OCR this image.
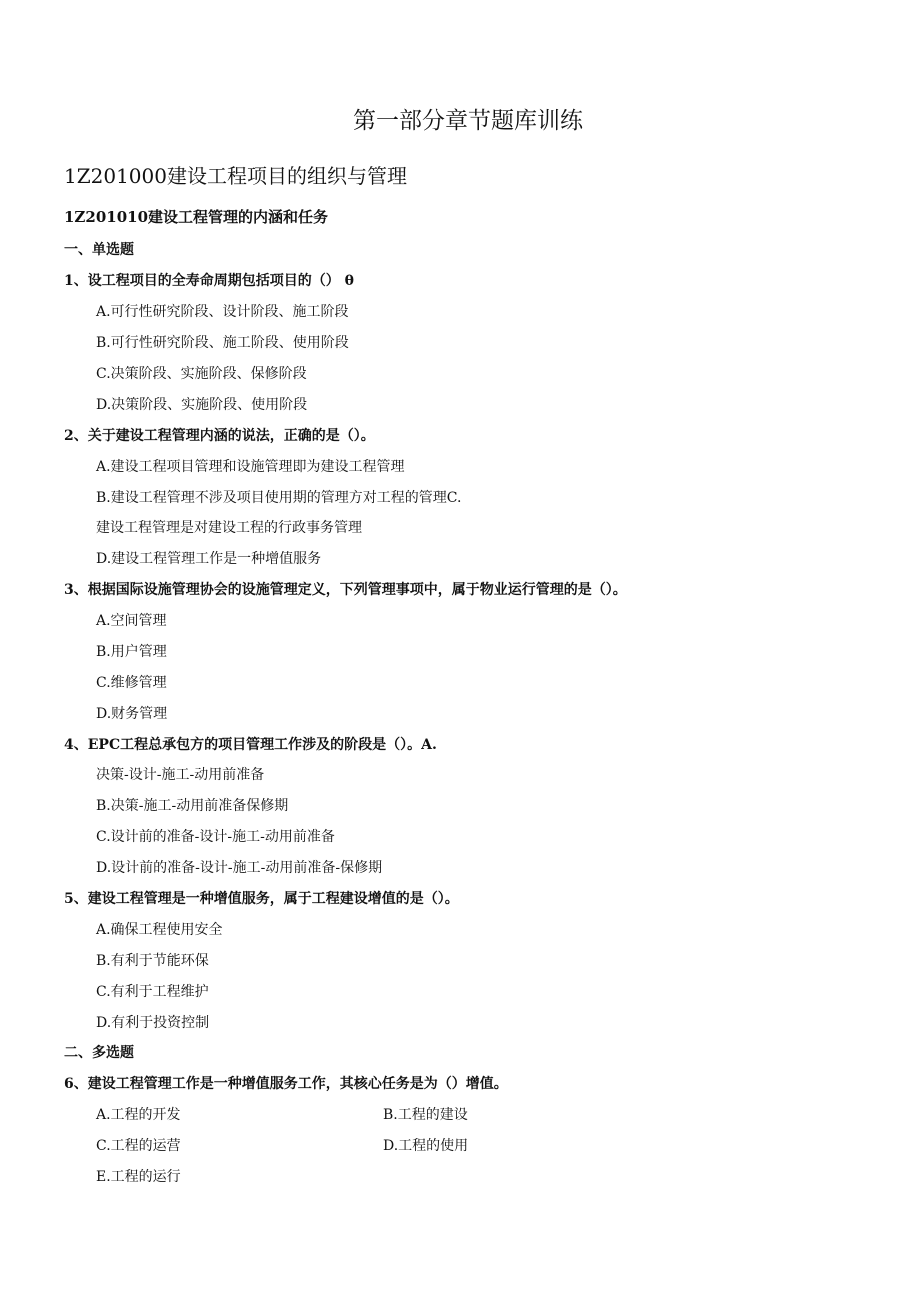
第一部分章节题库训练
1Z201000建设工程项目的组织与管理
1Z201010建设工程管理的内涵和任务
一、单选题
1、设工程项目的全寿命周期包括项目的（） θ
A.可行性研究阶段、设计阶段、施工阶段
B.可行性研究阶段、施工阶段、使用阶段
C.决策阶段、实施阶段、保修阶段
D.决策阶段、实施阶段、使用阶段
2、关于建设工程管理内涵的说法，正确的是（）。
A.建设工程项目管理和设施管理即为建设工程管理
B.建设工程管理不涉及项目使用期的管理方对工程的管理C.
建设工程管理是对建设工程的行政事务管理
D.建设工程管理工作是一种增值服务
3、根据国际设施管理协会的设施管理定义，下列管理事项中，属于物业运行管理的是（）。
A.空间管理
B.用户管理
C.维修管理
D.财务管理
4、EPC工程总承包方的项目管理工作涉及的阶段是（）。A.
决策-设计-施工-动用前准备
B.决策-施工-动用前准备保修期
C.设计前的准备-设计-施工-动用前准备
D.设计前的准备-设计-施工-动用前准备-保修期
5、建设工程管理是一种增值服务，属于工程建设增值的是（）。
A.确保工程使用安全
B.有利于节能环保
C.有利于工程维护
D.有利于投资控制
二、多选题
6、建设工程管理工作是一种增值服务工作，其核心任务是为（）增值。
A.工程的开发	B.工程的建设
C.工程的运营	D.工程的使用
E.工程的运行
